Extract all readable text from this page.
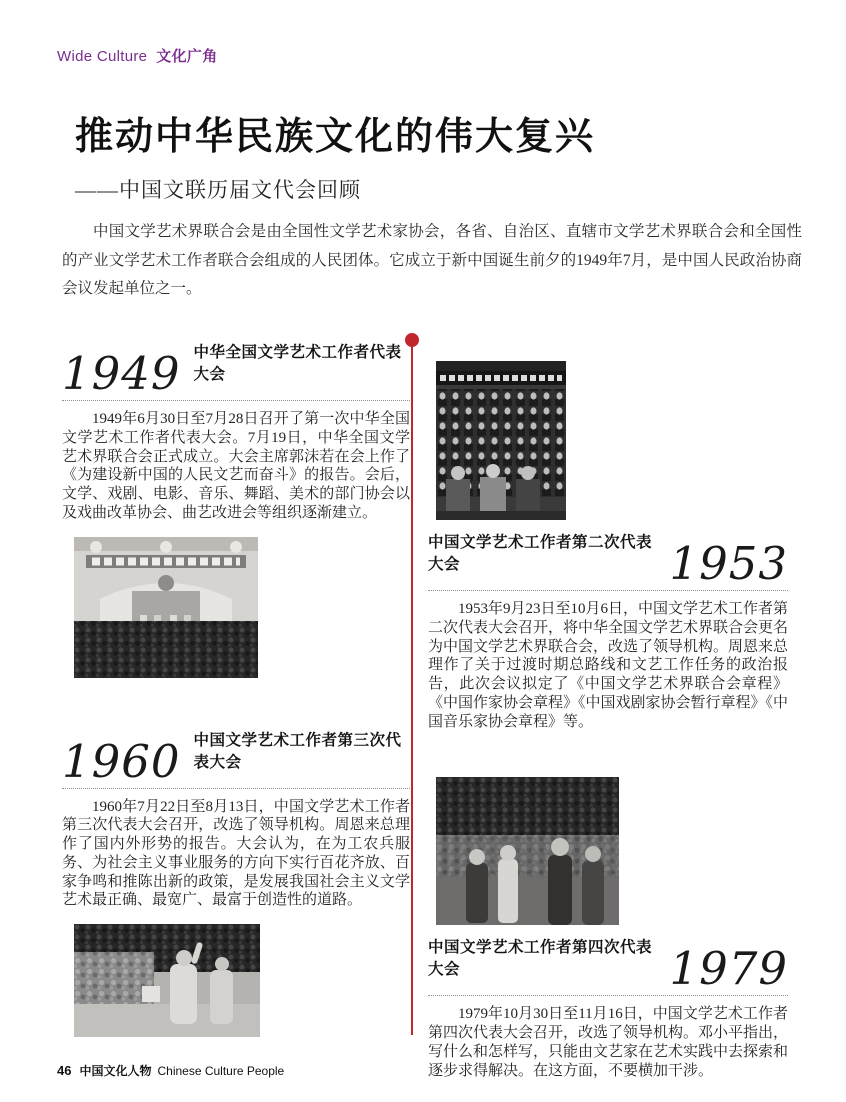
Wide Culture 文化广角
推动中华民族文化的伟大复兴
——中国文联历届文代会回顾

中国文学艺术界联合会是由全国性文学艺术家协会，各省、自治区、直辖市文学艺术界联合会和全国性的产业文学艺术工作者联合会组成的人民团体。它成立于新中国诞生前夕的1949年7月，是中国人民政治协商会议发起单位之一。

1949 中华全国文学艺术工作者代表大会

1949年6月30日至7月28日召开了第一次中华全国文学艺术工作者代表大会。7月19日，中华全国文学艺术界联合会正式成立。大会主席郭沫若在会上作了《为建设新中国的人民文艺而奋斗》的报告。会后，文学、戏剧、电影、音乐、舞蹈、美术的部门协会以及戏曲改革协会、曲艺改进会等组织逐渐建立。

1960 中国文学艺术工作者第三次代表大会

1960年7月22日至8月13日，中国文学艺术工作者第三次代表大会召开，改选了领导机构。周恩来总理作了国内外形势的报告。大会认为，在为工农兵服务、为社会主义事业服务的方向下实行百花齐放、百家争鸣和推陈出新的政策，是发展我国社会主义文学艺术最正确、最宽广、最富于创造性的道路。

中国文学艺术工作者第二次代表大会	1953

1953年9月23日至10月6日，中国文学艺术工作者第二次代表大会召开，将中华全国文学艺术界联合会更名为中国文学艺术界联合会，改选了领导机构。周恩来总理作了关于过渡时期总路线和文艺工作任务的政治报告，此次会议拟定了《中国文学艺术界联合会章程》《中国作家协会章程》《中国戏剧家协会暂行章程》《中国音乐家协会章程》等。

中国文学艺术工作者第四次代表大会	1979

1979年10月30日至11月16日，中国文学艺术工作者第四次代表大会召开，改选了领导机构。邓小平指出，写什么和怎样写，只能由文艺家在艺术实践中去探索和逐步求得解决。在这方面，不要横加干涉。

46 中国文化人物 Chinese Culture People
